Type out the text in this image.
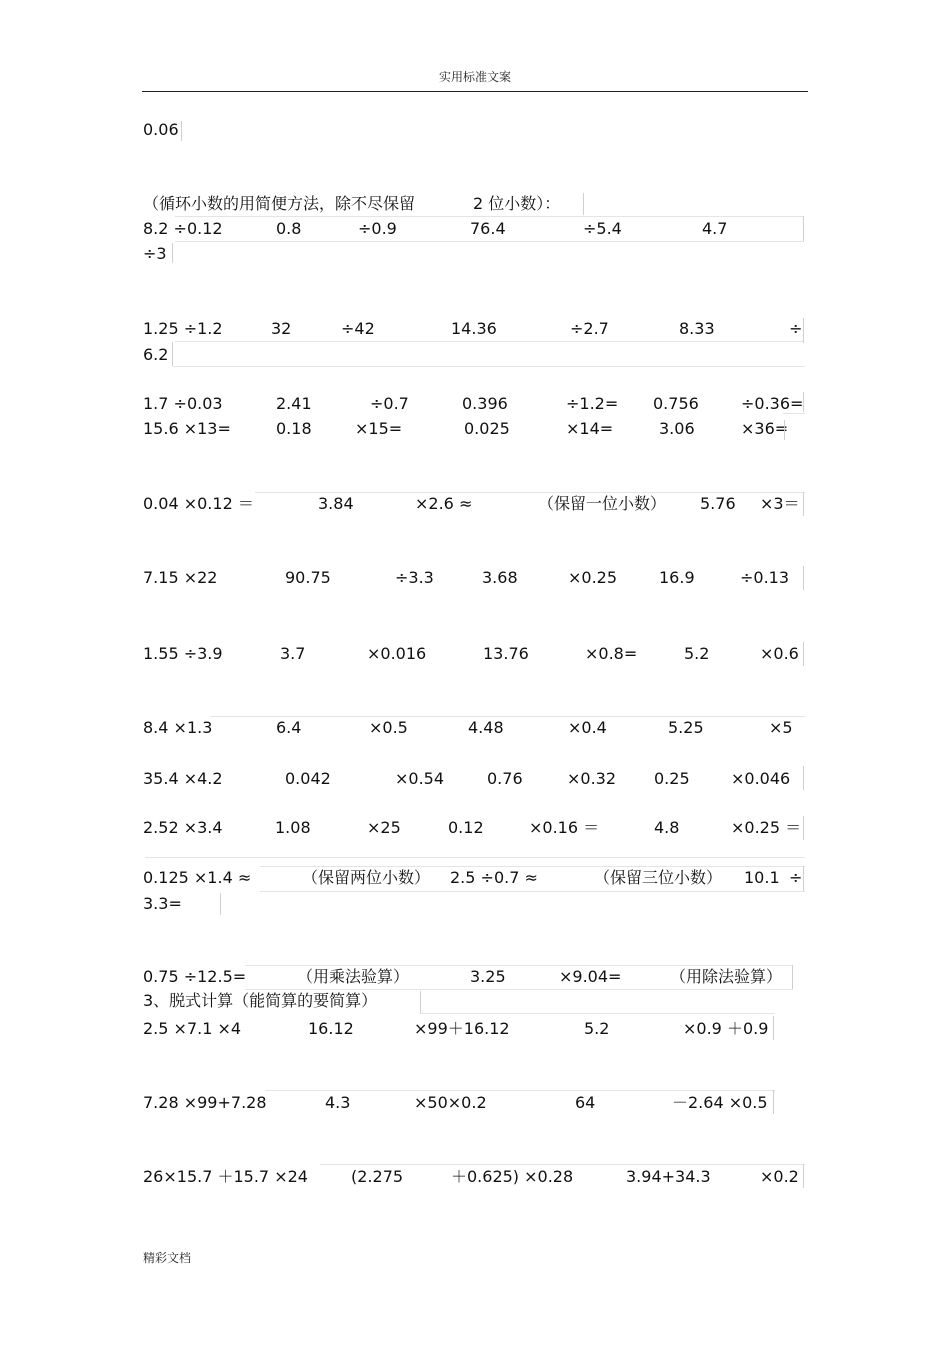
实用标准文案
0.06
（循环小数的用简便方法，除不尽保留	2 位小数）：
8.2 ÷0.12	0.8	÷0.9	76.4	÷5.4	4.7
÷3
1.25 ÷1.2	32	÷42	14.36	÷2.7	8.33	÷
6.2
1.7 ÷0.03	2.41	÷0.7	0.396	÷1.2= 0.756	÷0.36=
15.6 ×13=	0.18	×15=	0.025	×14=	3.06	×36=
0.04 ×0.12 ＝	3.84	×2.6 ≈	（保留一位小数） 5.76 ×3＝
7.15 ×22	90.75	÷3.3	3.68	×0.25	16.9	÷0.13
1.55 ÷3.9	3.7	×0.016	13.76	×0.8=	5.2	×0.6
8.4 ×1.3	6.4	×0.5	4.48	×0.4	5.25	×5
35.4 ×4.2	0.042	×0.54	0.76	×0.32 0.25	×0.046
2.52 ×3.4	1.08	×25	0.12	×0.16 ＝	4.8	×0.25 ＝
0.125 ×1.4 ≈	（保留两位小数） 2.5 ÷0.7 ≈	（保留三位小数） 10.1 ÷
3.3=
0.75 ÷12.5=	（用乘法验算）	3.25	×9.04=	（用除法验算）
3、脱式计算（能简算的要简算）
2.5 ×7.1 ×4	16.12	×99＋16.12	5.2	×0.9 ＋0.9
7.28 ×99+7.28	4.3	×50×0.2	64	－2.64 ×0.5
26×15.7 ＋15.7 ×24	(2.275	＋0.625) ×0.28	3.94+34.3	×0.2
精彩文档
